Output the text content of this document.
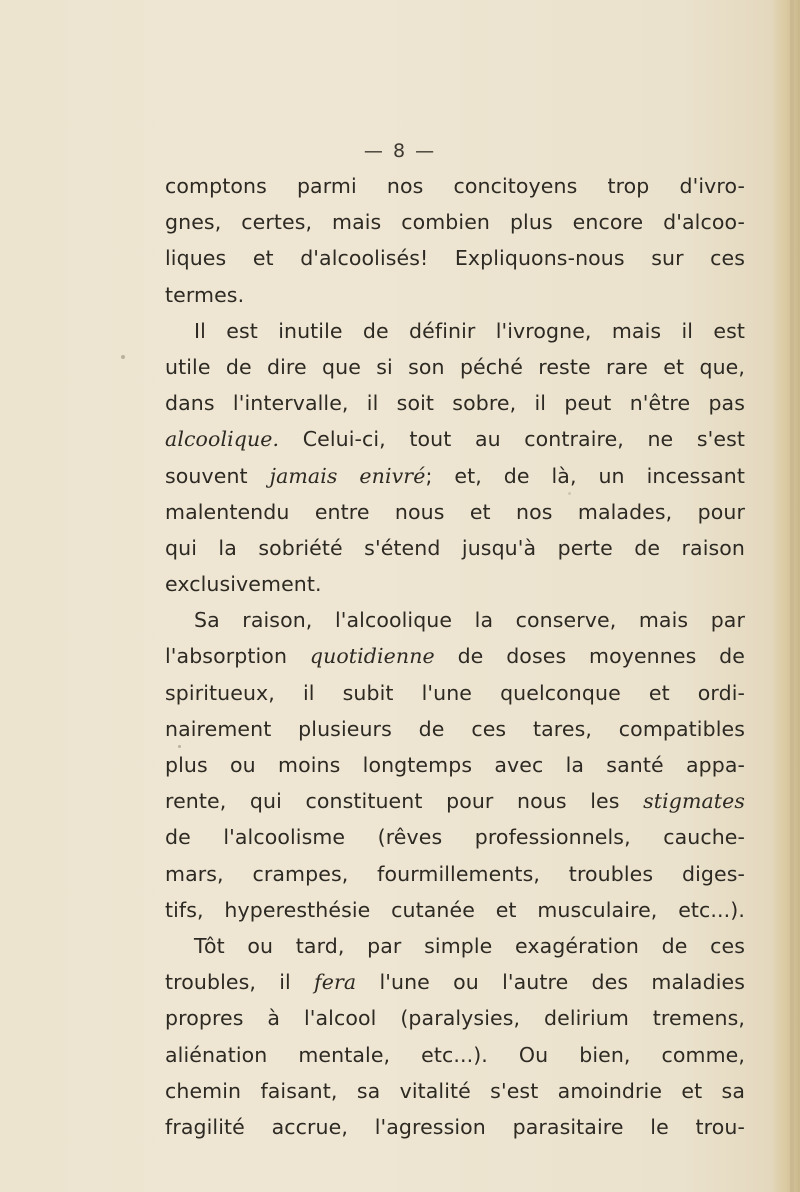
— 8 —
comptons parmi nos concitoyens trop d'ivro-
gnes, certes, mais combien plus encore d'alcoo-
liques et d'alcoolisés! Expliquons-nous sur ces
termes.
Il est inutile de définir l'ivrogne, mais il est
utile de dire que si son péché reste rare et que,
dans l'intervalle, il soit sobre, il peut n'être pas
alcoolique. Celui-ci, tout au contraire, ne s'est
souvent jamais enivré; et, de là, un incessant
malentendu entre nous et nos malades, pour
qui la sobriété s'étend jusqu'à perte de raison
exclusivement.
Sa raison, l'alcoolique la conserve, mais par
l'absorption quotidienne de doses moyennes de
spiritueux, il subit l'une quelconque et ordi-
nairement plusieurs de ces tares, compatibles
plus ou moins longtemps avec la santé appa-
rente, qui constituent pour nous les stigmates
de l'alcoolisme (rêves professionnels, cauche-
mars, crampes, fourmillements, troubles diges-
tifs, hyperesthésie cutanée et musculaire, etc...).
Tôt ou tard, par simple exagération de ces
troubles, il fera l'une ou l'autre des maladies
propres à l'alcool (paralysies, delirium tremens,
aliénation mentale, etc...). Ou bien, comme,
chemin faisant, sa vitalité s'est amoindrie et sa
fragilité accrue, l'agression parasitaire le trou-
